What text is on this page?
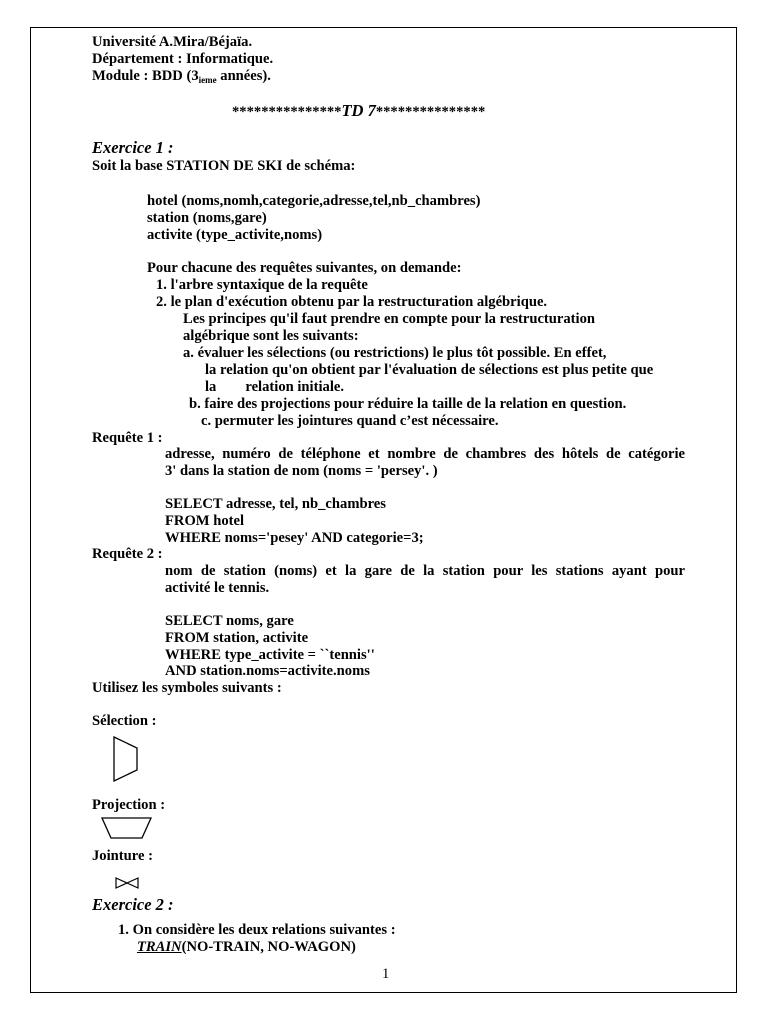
Université A.Mira/Béjaïa.
Département : Informatique.
Module : BDD ($3_{ieme}$ années).
***************TD 7***************
Exercice 1 :
Soit la base STATION DE SKI de schéma:
hotel (noms,nomh,categorie,adresse,tel,nb_chambres)
station (noms,gare)
activite (type_activite,noms)
Pour chacune des requêtes suivantes, on demande:
1. l'arbre syntaxique de la requête
2. le plan d'exécution obtenu par la restructuration algébrique.
Les principes qu'il faut prendre en compte pour la restructuration
algébrique sont les suivants:
a. évaluer les sélections (ou restrictions) le plus tôt possible. En effet,
la relation qu'on obtient par l'évaluation de sélections est plus petite que
la relation initiale.
b. faire des projections pour réduire la taille de la relation en question.
c. permuter les jointures quand c’est nécessaire.
Requête 1 :
adresse, numéro de téléphone et nombre de chambres des hôtels de catégorie
3' dans la station de nom (noms = 'persey'. )
SELECT adresse, tel, nb_chambres
FROM hotel
WHERE noms='pesey' AND categorie=3;
Requête 2 :
nom de station (noms) et la gare de la station pour les stations ayant pour
activité le tennis.
SELECT noms, gare
FROM station, activite
WHERE type_activite = ``tennis''
AND station.noms=activite.noms
Utilisez les symboles suivants :
Sélection :
Projection :
Jointure :
Exercice 2 :
1. On considère les deux relations suivantes :
TRAIN(NO-TRAIN, NO-WAGON)
1
